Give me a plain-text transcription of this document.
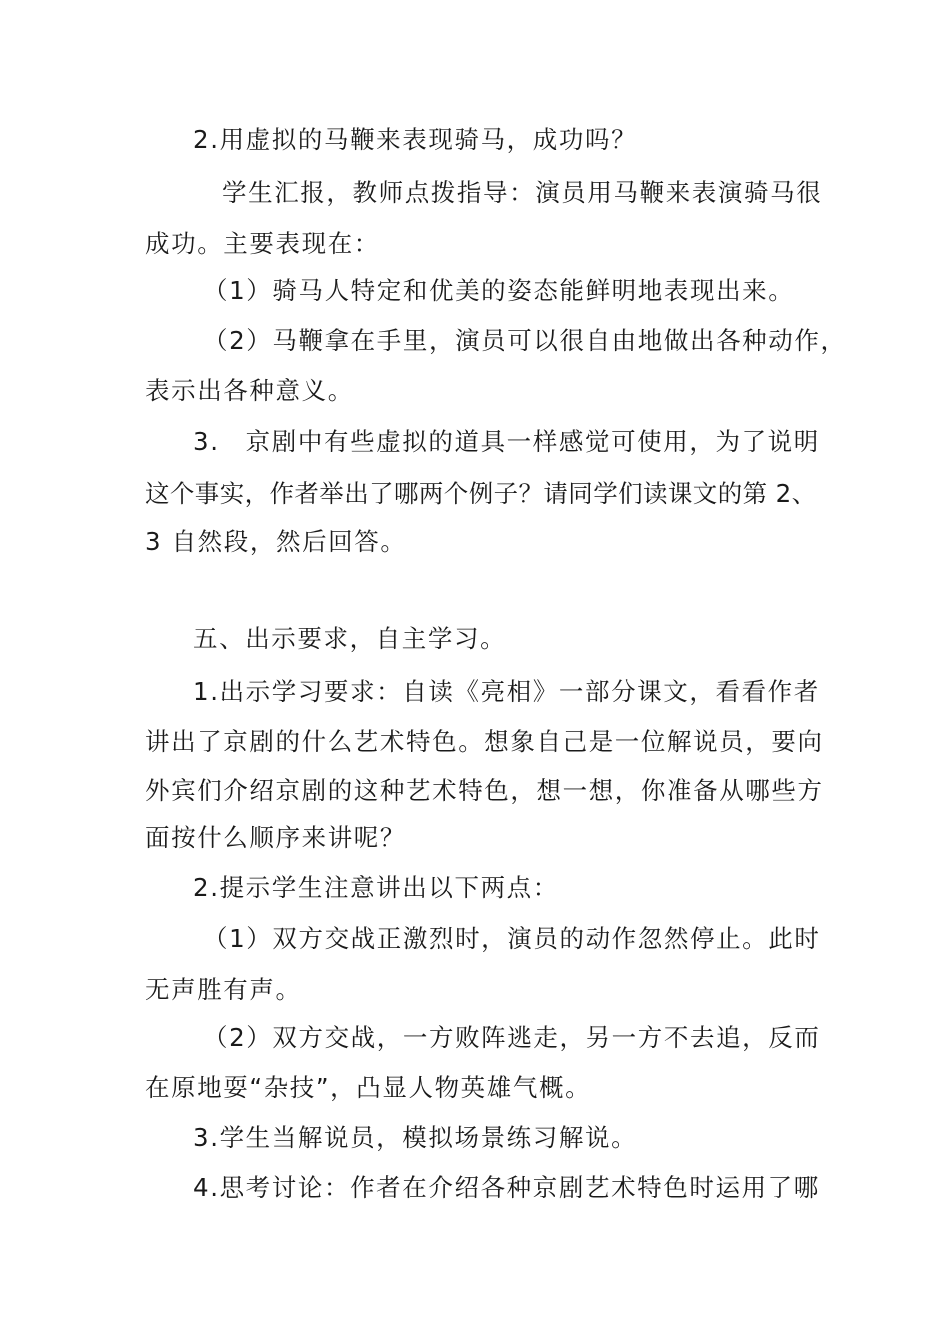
2.用虚拟的马鞭来表现骑马，成功吗？
学生汇报，教师点拨指导：演员用马鞭来表演骑马很
成功。主要表现在：
（1）骑马人特定和优美的姿态能鲜明地表现出来。
（2）马鞭拿在手里，演员可以很自由地做出各种动作，
表示出各种意义。
3.　京剧中有些虚拟的道具一样感觉可使用，为了说明
这个事实，作者举出了哪两个例子？请同学们读课文的第 2、
3 自然段，然后回答。
五、出示要求，自主学习。
1.出示学习要求：自读《亮相》一部分课文，看看作者
讲出了京剧的什么艺术特色。想象自己是一位解说员，要向
外宾们介绍京剧的这种艺术特色，想一想，你准备从哪些方
面按什么顺序来讲呢？
2.提示学生注意讲出以下两点：
（1）双方交战正激烈时，演员的动作忽然停止。此时
无声胜有声。
（2）双方交战，一方败阵逃走，另一方不去追，反而
在原地耍“杂技”，凸显人物英雄气概。
3.学生当解说员，模拟场景练习解说。
4.思考讨论：作者在介绍各种京剧艺术特色时运用了哪
